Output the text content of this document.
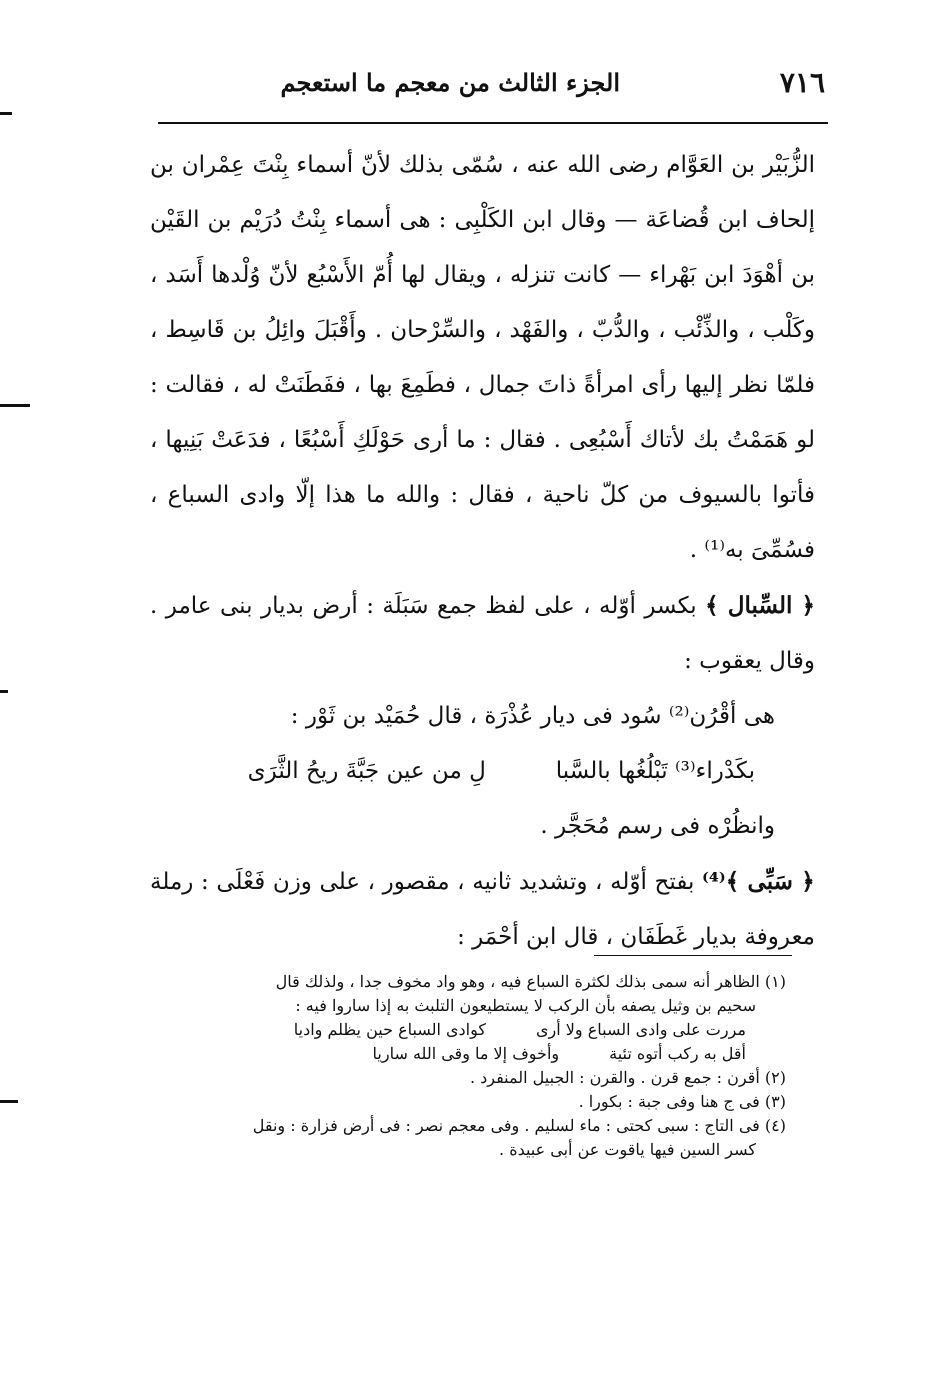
٧١٦
الجزء الثالث من معجم ما استعجم

الزُّبَيْر بن العَوَّام رضى الله عنه ، سُمّى بذلك لأنّ أسماء بِنْتَ عِمْران بن إلحاف ابن قُضاعَة — وقال ابن الكَلْبِى : هى أسماء بِنْتُ دُرَيْم بن القَيْن بن أهْوَدَ ابن بَهْراء — كانت تنزله ، ويقال لها أُمّ الأَسْبُع لأنّ وُلْدها أَسَد ، وكَلْب ، والذِّئْب ، والدُّبّ ، والفَهْد ، والسِّرْحان . وأَقْبَلَ وائِلُ بن قَاسِط ، فلمّا نظر إليها رأى امرأةً ذاتَ جمال ، فطَمِعَ بها ، ففَطَنَتْ له ، فقالت : لو هَمَمْتُ بك لأتاك أَسْبُعِى . فقال : ما أرى حَوْلَكِ أَسْبُعًا ، فدَعَتْ بَنِيها ، فأتوا بالسيوف من كلّ ناحية ، فقال : والله ما هذا إلّا وادى السباع ، فسُمِّىَ به⁽¹⁾ .

﴿ السِّبال ﴾ بكسر أوّله ، على لفظ جمع سَبَلَة : أرض بديار بنى عامر . وقال يعقوب :

هى أقْرُن⁽²⁾ سُود فى ديار عُذْرَة ، قال حُمَيْد بن ثَوْر :

بكَدْراء⁽³⁾ تَبْلُغُها بالسَّبا
لِ من عين جَبَّةَ ريحُ الثَّرَى

وانظُرْه فى رسم مُحَجَّر .

﴿ سَبِّى ﴾⁽⁴⁾ بفتح أوّله ، وتشديد ثانيه ، مقصور ، على وزن فَعْلَى : رملة معروفة بديار غَطَفَان ، قال ابن أحْمَر :

(١) الظاهر أنه سمى بذلك لكثرة السباع فيه ، وهو واد مخوف جدا ، ولذلك قال

سحيم بن وثيل يصفه بأن الركب لا يستطيعون التلبث به إذا ساروا فيه :

مررت على وادى السباع ولا أرى
كوادى السباع حين يظلم واديا
أقل به ركب أتوه تئية
وأخوف إلا ما وقى الله ساريا

(٢) أقرن : جمع قرن . والقرن : الجبيل المنفرد .

(٣) فى ج هنا وفى جبة : بكورا .

(٤) فى التاج : سبى كحتى : ماء لسليم . وفى معجم نصر : فى أرض فزارة : ونقل

كسر السين فيها ياقوت عن أبى عبيدة .
